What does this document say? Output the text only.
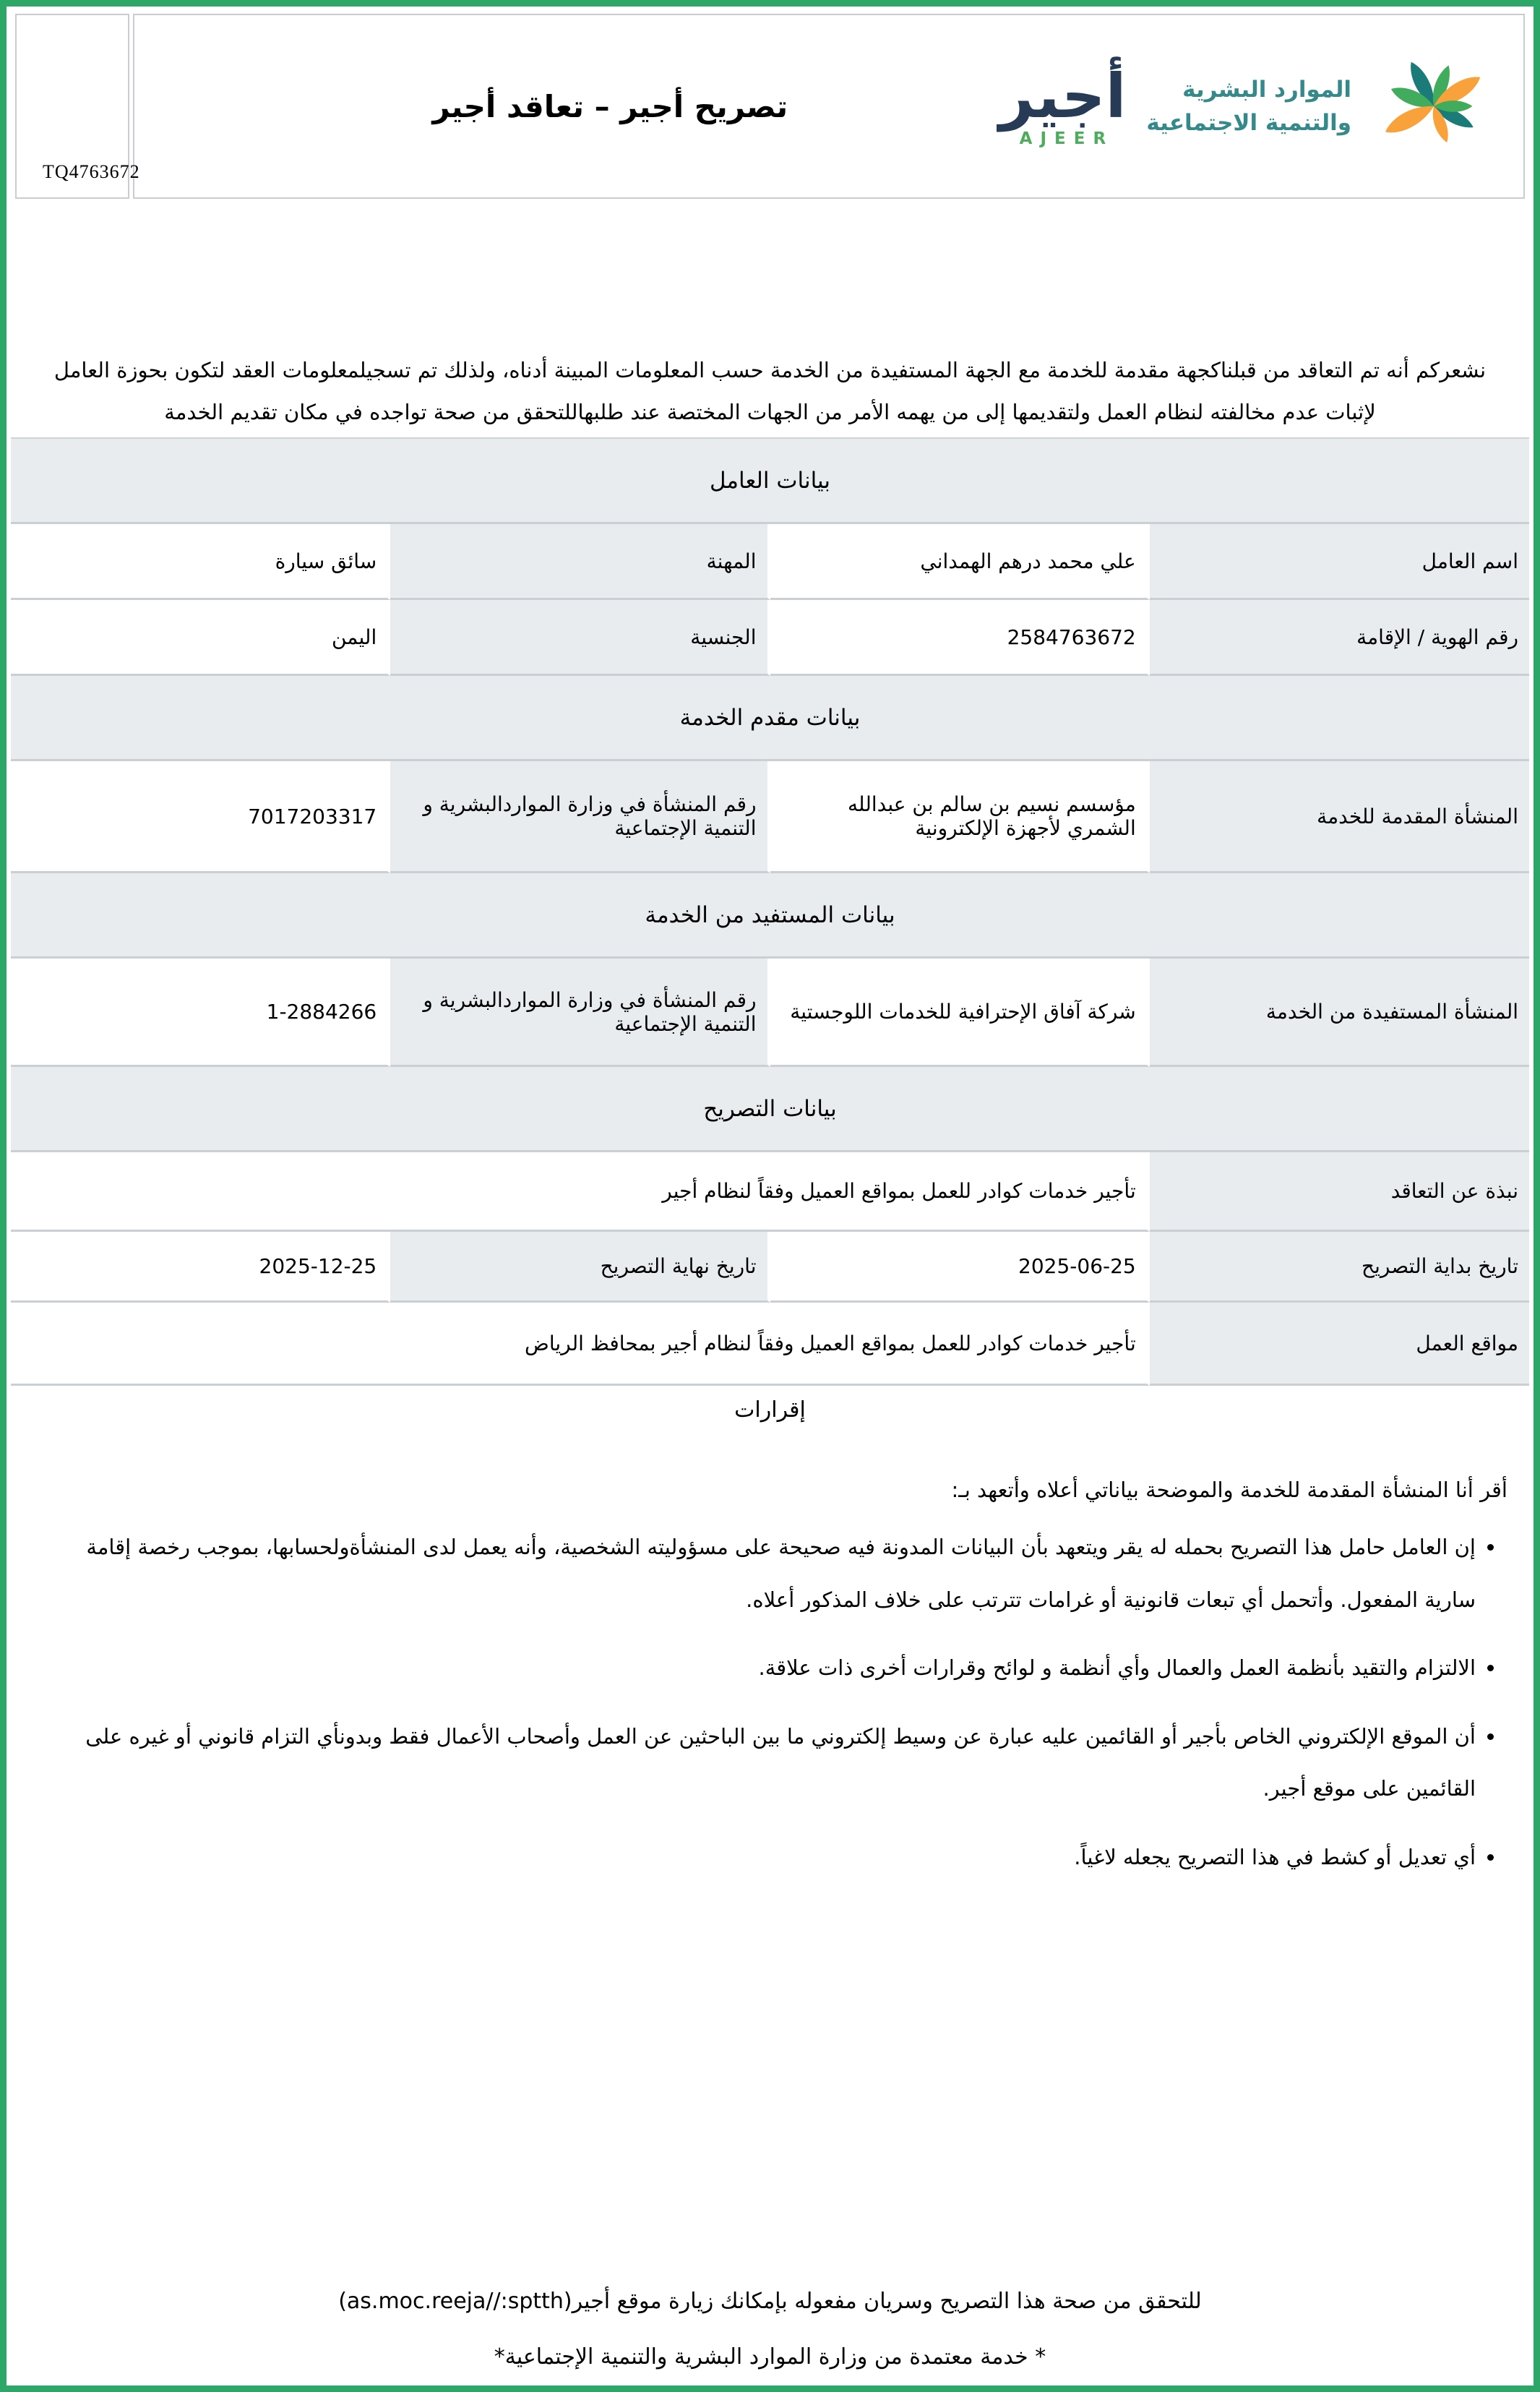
TQ4763672
تصريح أجير – تعاقد أجير	أجير
AJEER
الموارد البشرية
والتنمية الاجتماعية

نشعركم أنه تم التعاقد من قبلناكجهة مقدمة للخدمة مع الجهة المستفيدة من الخدمة حسب المعلومات المبينة أدناه، ولذلك تم تسجيلمعلومات العقد لتكون بحوزة العامل لإثبات عدم مخالفته لنظام العمل ولتقديمها إلى من يهمه الأمر من الجهات المختصة عند طلبهاللتحقق من صحة تواجده في مكان تقديم الخدمة

بيانات العامل			
اسم العامل	علي محمد درهم الهمداني	المهنة	سائق سيارة
رقم الهوية / الإقامة	2584763672	الجنسية	اليمن
بيانات مقدم الخدمة			
المنشأة المقدمة للخدمة	مؤسسم نسيم بن سالم بن عبدالله الشمري لأجهزة الإلكترونية	رقم المنشأة في وزارة المواردالبشرية و التنمية الإجتماعية	7017203317
بيانات المستفيد من الخدمة			
المنشأة المستفيدة من الخدمة	شركة آفاق الإحترافية للخدمات اللوجستية	رقم المنشأة في وزارة المواردالبشرية و التنمية الإجتماعية	1-2884266
بيانات التصريح			
نبذة عن التعاقد	تأجير خدمات كوادر للعمل بمواقع العميل وفقاً لنظام أجير		
تاريخ بداية التصريح	2025-06-25	تاريخ نهاية التصريح	2025-12-25
مواقع العمل	تأجير خدمات كوادر للعمل بمواقع العميل وفقاً لنظام أجير بمحافظ الرياض		
إقرارات

أقر أنا المنشأة المقدمة للخدمة والموضحة بياناتي أعلاه وأتعهد بـ:

• إن العامل حامل هذا التصريح بحمله له يقر ويتعهد بأن البيانات المدونة فيه صحيحة على مسؤوليته الشخصية، وأنه يعمل لدى المنشأةولحسابها، بموجب رخصة إقامة سارية المفعول. وأتحمل أي تبعات قانونية أو غرامات تترتب على خلاف المذكور أعلاه.
• الالتزام والتقيد بأنظمة العمل والعمال وأي أنظمة و لوائح وقرارات أخرى ذات علاقة.
• أن الموقع الإلكتروني الخاص بأجير أو القائمين عليه عبارة عن وسيط إلكتروني ما بين الباحثين عن العمل وأصحاب الأعمال فقط وبدونأي التزام قانوني أو غيره على القائمين على موقع أجير.
• أي تعديل أو كشط في هذا التصريح يجعله لاغياً.
للتحقق من صحة هذا التصريح وسريان مفعوله بإمكانك زيارة موقع أجير(as.moc.reeja//:sptth)
* خدمة معتمدة من وزارة الموارد البشرية والتنمية الإجتماعية*
